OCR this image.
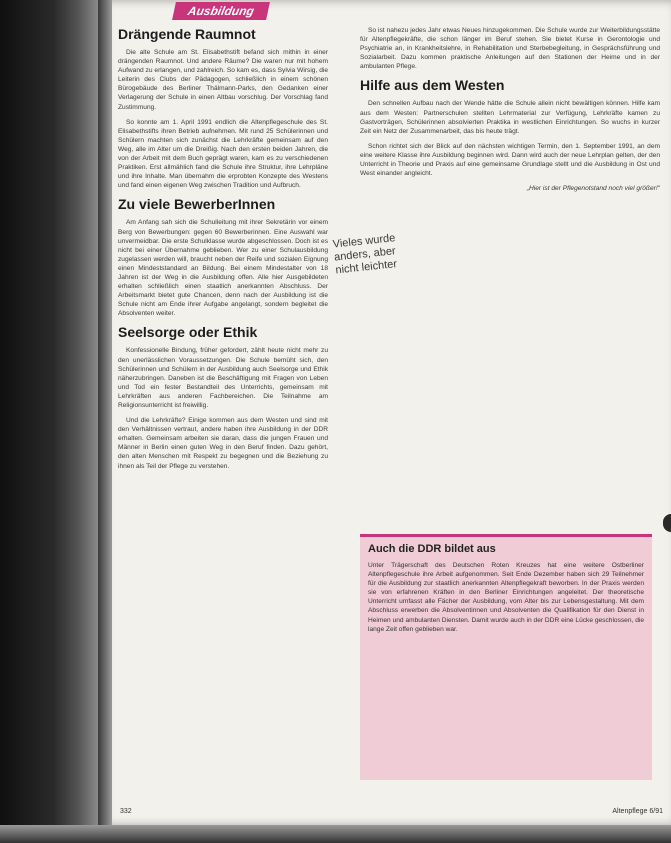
Ausbildung
Drängende Raumnot

Die alte Schule am St. Elisabethstift befand sich mithin in einer drängenden Raumnot. Und andere Räume? Die waren nur mit hohem Aufwand zu erlangen, und zahlreich. So kam es, dass Sylvia Wirsig, die Leiterin des Clubs der Pädagogen, schließlich in einem schönen Bürogebäude des Berliner Thälmann-Parks, den Gedanken einer Verlagerung der Schule in einen Altbau vorschlug. Der Vorschlag fand Zustimmung.

So konnte am 1. April 1991 endlich die Altenpflegeschule des St. Elisabethstifts ihren Betrieb aufnehmen. Mit rund 25 Schülerinnen und Schülern machten sich zunächst die Lehrkräfte gemeinsam auf den Weg, alle im Alter um die Dreißig. Nach den ersten beiden Jahren, die von der Arbeit mit dem Buch geprägt waren, kam es zu verschiedenen Praktiken. Erst allmählich fand die Schule ihre Struktur, ihre Lehrpläne und ihre Inhalte. Man übernahm die erprobten Konzepte des Westens und fand einen eigenen Weg zwischen Tradition und Aufbruch.

Zu viele BewerberInnen

Am Anfang sah sich die Schulleitung mit ihrer Sekretärin vor einem Berg von Bewerbungen: gegen 60 Bewerberinnen. Eine Auswahl war unvermeidbar. Die erste Schulklasse wurde abgeschlossen. Doch ist es nicht bei einer Übernahme geblieben. Wer zu einer Schulausbildung zugelassen werden will, braucht neben der Reife und sozialen Eignung einen Mindeststandard an Bildung. Bei einem Mindestalter von 18 Jahren ist der Weg in die Ausbildung offen. Alle hier Ausgebildeten erhalten schließlich einen staatlich anerkannten Abschluss. Der Arbeitsmarkt bietet gute Chancen, denn nach der Ausbildung ist die Schule nicht am Ende ihrer Aufgabe angelangt, sondern begleitet die Absolventen weiter.

Seelsorge oder Ethik

Konfessionelle Bindung, früher gefordert, zählt heute nicht mehr zu den unerlässlichen Voraussetzungen. Die Schule bemüht sich, den Schülerinnen und Schülern in der Ausbildung auch Seelsorge und Ethik näherzubringen. Daneben ist die Beschäftigung mit Fragen von Leben und Tod ein fester Bestandteil des Unterrichts, gemeinsam mit Lehrkräften aus anderen Fachbereichen. Die Teilnahme am Religionsunterricht ist freiwillig.

Und die Lehrkräfte? Einige kommen aus dem Westen und sind mit den Verhältnissen vertraut, andere haben ihre Ausbildung in der DDR erhalten. Gemeinsam arbeiten sie daran, dass die jungen Frauen und Männer in Berlin einen guten Weg in den Beruf finden. Dazu gehört, den alten Menschen mit Respekt zu begegnen und die Beziehung zu ihnen als Teil der Pflege zu verstehen.

Vieles wurde anders, aber nicht leichter

So ist nahezu jedes Jahr etwas Neues hinzugekommen. Die Schule wurde zur Weiterbildungsstätte für Altenpflegekräfte, die schon länger im Beruf stehen. Sie bietet Kurse in Gerontologie und Psychiatrie an, in Krankheitslehre, in Rehabilitation und Sterbebegleitung, in Gesprächsführung und Sozialarbeit. Dazu kommen praktische Anleitungen auf den Stationen der Heime und in der ambulanten Pflege.

Hilfe aus dem Westen

Den schnellen Aufbau nach der Wende hätte die Schule allein nicht bewältigen können. Hilfe kam aus dem Westen: Partnerschulen stellten Lehrmaterial zur Verfügung, Lehrkräfte kamen zu Gastvorträgen, Schülerinnen absolvierten Praktika in westlichen Einrichtungen. So wuchs in kurzer Zeit ein Netz der Zusammenarbeit, das bis heute trägt.

Schon richtet sich der Blick auf den nächsten wichtigen Termin, den 1. September 1991, an dem eine weitere Klasse ihre Ausbildung beginnen wird. Dann wird auch der neue Lehrplan gelten, der den Unterricht in Theorie und Praxis auf eine gemeinsame Grundlage stellt und die Ausbildung in Ost und West einander angleicht.

„Hier ist der Pflegenotstand noch viel größer!"

Auch die DDR bildet aus

Unter Trägerschaft des Deutschen Roten Kreuzes hat eine weitere Ostberliner Altenpflegeschule ihre Arbeit aufgenommen. Seit Ende Dezember haben sich 29 Teilnehmer für die Ausbildung zur staatlich anerkannten Altenpflegekraft beworben. In der Praxis werden sie von erfahrenen Kräften in den Berliner Einrichtungen angeleitet. Der theoretische Unterricht umfasst alle Fächer der Ausbildung, vom Alter bis zur Lebensgestaltung. Mit dem Abschluss erwerben die Absolventinnen und Absolventen die Qualifikation für den Dienst in Heimen und ambulanten Diensten. Damit wurde auch in der DDR eine Lücke geschlossen, die lange Zeit offen geblieben war.

332	Altenpflege 6/91
